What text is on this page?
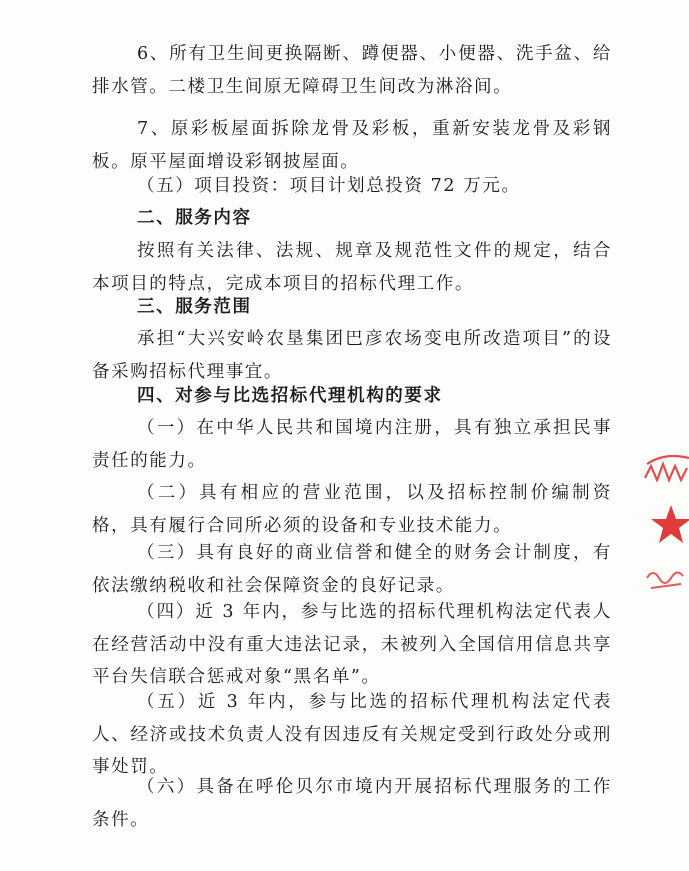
6、所有卫生间更换隔断、蹲便器、小便器、洗手盆、给排水管。二楼卫生间原无障碍卫生间改为淋浴间。

7、原彩板屋面拆除龙骨及彩板，重新安装龙骨及彩钢板。原平屋面增设彩钢披屋面。

（五）项目投资：项目计划总投资 72 万元。

二、服务内容

按照有关法律、法规、规章及规范性文件的规定，结合本项目的特点，完成本项目的招标代理工作。

三、服务范围

承担“大兴安岭农垦集团巴彦农场变电所改造项目”的设备采购招标代理事宜。

四、对参与比选招标代理机构的要求

（一）在中华人民共和国境内注册，具有独立承担民事责任的能力。

（二）具有相应的营业范围，以及招标控制价编制资格，具有履行合同所必须的设备和专业技术能力。

（三）具有良好的商业信誉和健全的财务会计制度，有依法缴纳税收和社会保障资金的良好记录。

（四）近 3 年内，参与比选的招标代理机构法定代表人在经营活动中没有重大违法记录，未被列入全国信用信息共享平台失信联合惩戒对象“黑名单”。

（五）近 3 年内，参与比选的招标代理机构法定代表人、经济或技术负责人没有因违反有关规定受到行政处分或刑事处罚。

（六）具备在呼伦贝尔市境内开展招标代理服务的工作条件。
